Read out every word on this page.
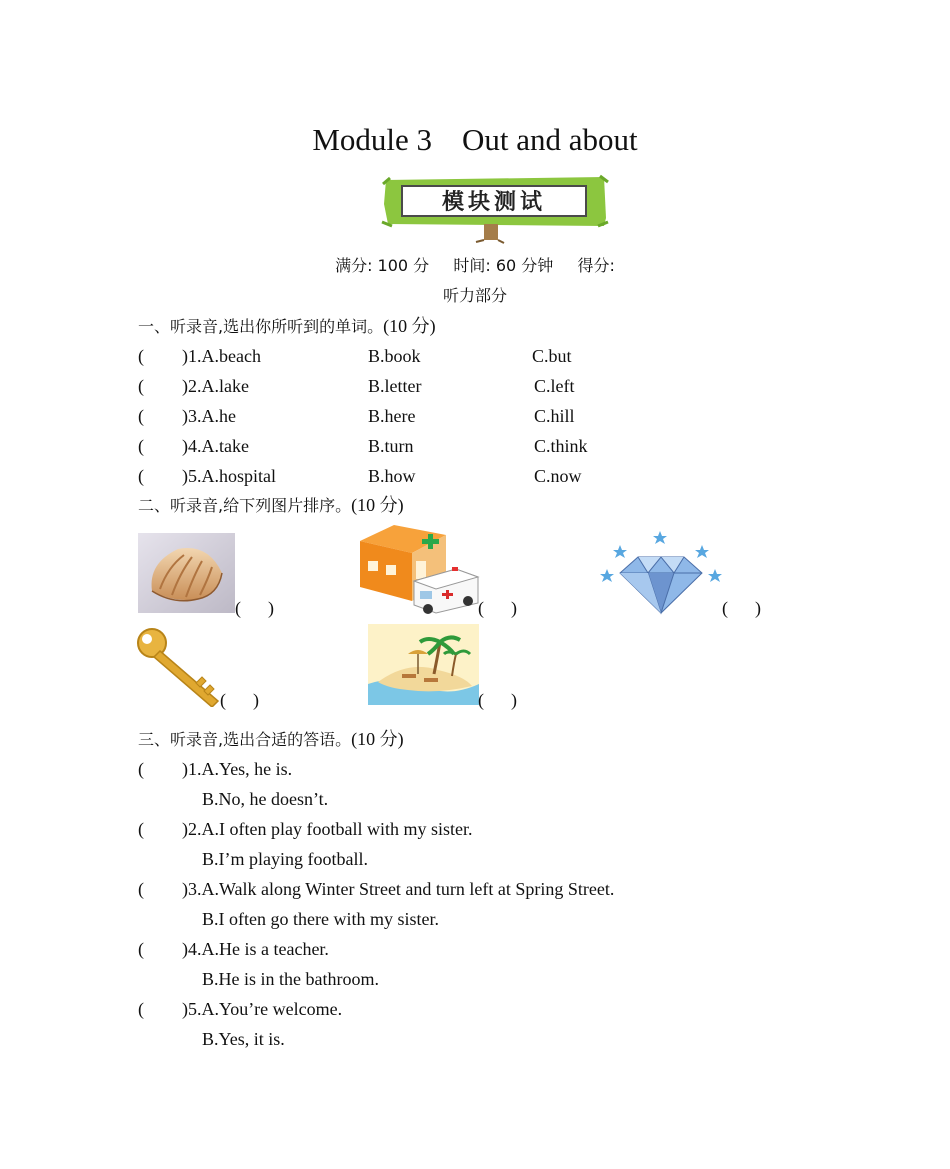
Module 3 Out and about
模块测试
满分: 100 分 时间: 60 分钟 得分:
听力部分
一、听录音,选出你所听到的单词。(10 分)
( )1.A.beach	B.book	C.but
( )2.A.lake	B.letter	C.left
( )3.A.he	B.here	C.hill
( )4.A.take	B.turn	C.think
( )5.A.hospital	B.how	C.now
二、听录音,给下列图片排序。(10 分)
(      )	(      )	(      )
(      )	(      )
三、听录音,选出合适的答语。(10 分)
( )1.A.Yes, he is.
B.No, he doesn’t.
( )2.A.I often play football with my sister.
B.I’m playing football.
( )3.A.Walk along Winter Street and turn left at Spring Street.
B.I often go there with my sister.
( )4.A.He is a teacher.
B.He is in the bathroom.
( )5.A.You’re welcome.
B.Yes, it is.
